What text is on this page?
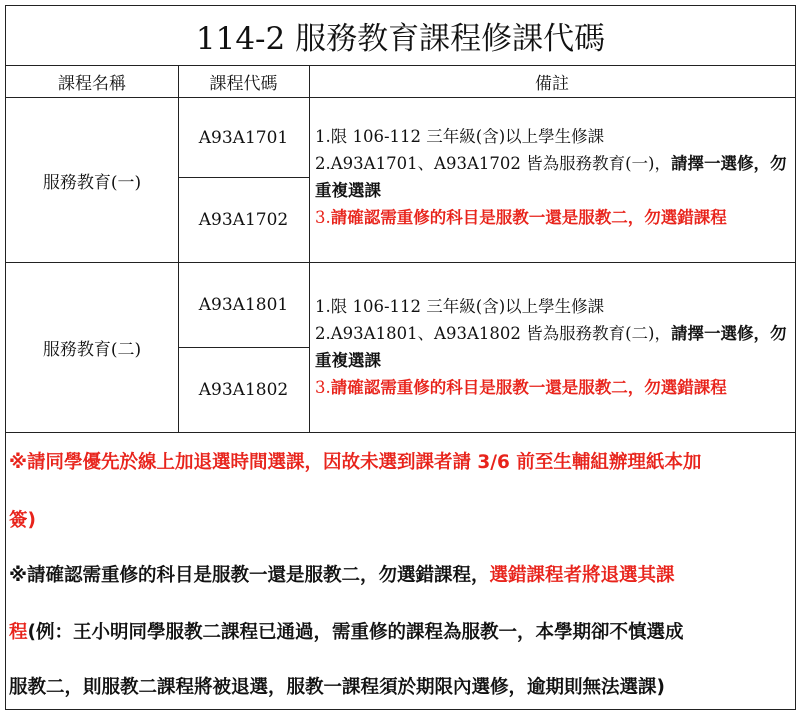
114-2 服務教育課程修課代碼
課程名稱	課程代碼	備註
服務教育(一)
A93A1701
A93A1702
1.限 106-112 三年級(含)以上學生修課
2.A93A1701、A93A1702 皆為服務教育(一)，請擇一選修，勿
重複選課
3.請確認需重修的科目是服教一還是服教二，勿選錯課程
服務教育(二)
A93A1801
A93A1802
1.限 106-112 三年級(含)以上學生修課
2.A93A1801、A93A1802 皆為服務教育(二)，請擇一選修，勿
重複選課
3.請確認需重修的科目是服教一還是服教二，勿選錯課程
※請同學優先於線上加退選時間選課，因故未選到課者請 3/6 前至生輔組辦理紙本加
簽)
※請確認需重修的科目是服教一還是服教二，勿選錯課程，選錯課程者將退選其課
程(例：王小明同學服教二課程已通過，需重修的課程為服教一，本學期卻不慎選成
服教二，則服教二課程將被退選，服教一課程須於期限內選修，逾期則無法選課)
